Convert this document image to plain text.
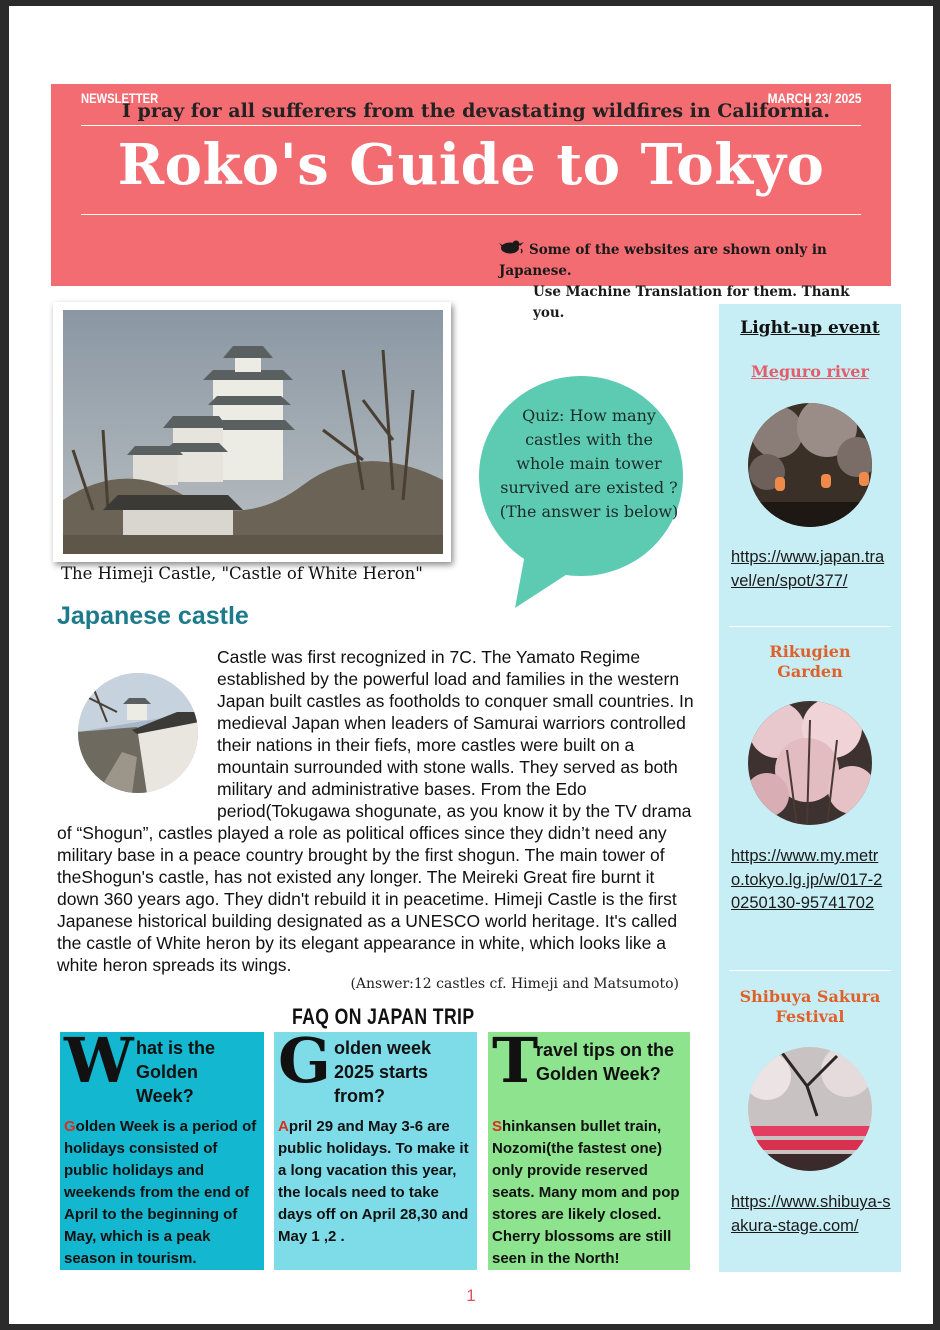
NEWSLETTER	MARCH 23/ 2025
I pray for all sufferers from the devastating wildfires in California.
Roko's Guide to Tokyo
Some of the websites are shown only in Japanese.
Use Machine Translation for them. Thank you.
The Himeji Castle, "Castle of White Heron"
Quiz: How many castles with the whole main tower survived are existed ? (The answer is below)
Japanese castle
Castle was first recognized in 7C. The Yamato Regime established by the powerful load and families in the western Japan built castles as footholds to conquer small countries. In medieval Japan when leaders of Samurai warriors controlled their nations in their fiefs, more castles were built on a mountain surrounded with stone walls. They served as both military and administrative bases. From the Edo period(Tokugawa shogunate, as you know it by the TV drama of “Shogun”, castles played a role as political offices since they didn’t need any military base in a peace country brought by the first shogun. The main tower of theShogun's castle, has not existed any longer. The Meireki Great fire burnt it down 360 years ago. They didn't rebuild it in peacetime. Himeji Castle is the first Japanese historical building designated as a UNESCO world heritage. It's called the castle of White heron by its elegant appearance in white, which looks like a white heron spreads its wings.
(Answer:12 castles cf. Himeji and Matsumoto)
FAQ ON JAPAN TRIP
W hat is the Golden Week?
Golden Week is a period of holidays consisted of public holidays and weekends from the end of April to the beginning of May, which is a peak season in tourism.
G olden week 2025 starts from?
April 29 and May 3-6 are public holidays. To make it a long vacation this year, the locals need to take days off on April 28,30 and May 1 ,2 .
T
ravel tips on the Golden Week?
Shinkansen bullet train, Nozomi(the fastest one) only provide reserved seats. Many mom and pop stores are likely closed. Cherry blossoms are still seen in the North!
Light-up event
Meguro river
https://www.japan.travel/en/spot/377/
Rikugien Garden
https://www.my.metro.tokyo.lg.jp/w/017-20250130-95741702
Shibuya Sakura Festival
https://www.shibuya-sakura-stage.com/
1
